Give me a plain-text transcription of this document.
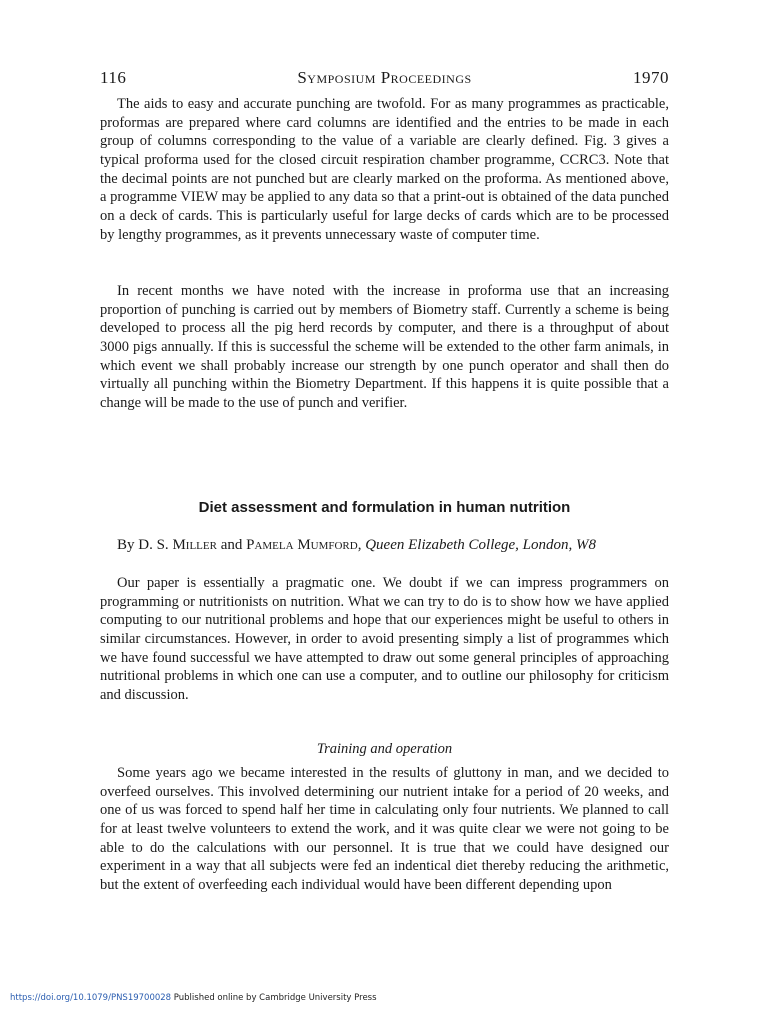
116	Symposium Proceedings	1970

The aids to easy and accurate punching are twofold. For as many programmes as practicable, proformas are prepared where card columns are identified and the entries to be made in each group of columns corresponding to the value of a variable are clearly defined. Fig. 3 gives a typical proforma used for the closed circuit respiration chamber programme, CCRC3. Note that the decimal points are not punched but are clearly marked on the proforma. As mentioned above, a programme VIEW may be applied to any data so that a print-out is obtained of the data punched on a deck of cards. This is particularly useful for large decks of cards which are to be processed by lengthy programmes, as it prevents unnecessary waste of computer time.

In recent months we have noted with the increase in proforma use that an increasing proportion of punching is carried out by members of Biometry staff. Currently a scheme is being developed to process all the pig herd records by computer, and there is a throughput of about 3000 pigs annually. If this is successful the scheme will be extended to the other farm animals, in which event we shall probably increase our strength by one punch operator and shall then do virtually all punching within the Biometry Department. If this happens it is quite possible that a change will be made to the use of punch and verifier.

Diet assessment and formulation in human nutrition
By D. S. Miller and Pamela Mumford, Queen Elizabeth College, London, W8

Our paper is essentially a pragmatic one. We doubt if we can impress programmers on programming or nutritionists on nutrition. What we can try to do is to show how we have applied computing to our nutritional problems and hope that our experiences might be useful to others in similar circumstances. However, in order to avoid presenting simply a list of programmes which we have found successful we have attempted to draw out some general principles of approaching nutritional problems in which one can use a computer, and to outline our philosophy for criticism and discussion.

Training and operation

Some years ago we became interested in the results of gluttony in man, and we decided to overfeed ourselves. This involved determining our nutrient intake for a period of 20 weeks, and one of us was forced to spend half her time in calculating only four nutrients. We planned to call for at least twelve volunteers to extend the work, and it was quite clear we were not going to be able to do the calculations with our personnel. It is true that we could have designed our experiment in a way that all subjects were fed an indentical diet thereby reducing the arithmetic, but the extent of overfeeding each individual would have been different depending upon

https://doi.org/10.1079/PNS19700028 Published online by Cambridge University Press
